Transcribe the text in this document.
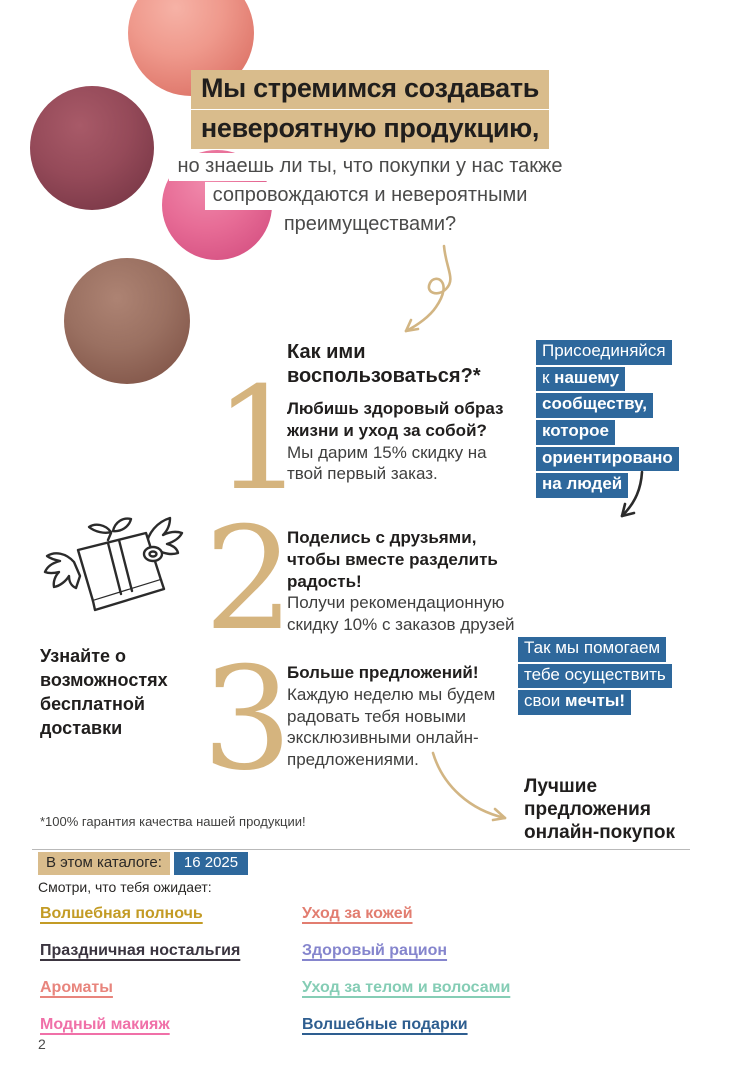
Мы стремимся создавать
невероятную продукцию,
но знаешь ли ты, что покупки у нас также
сопровождаются и невероятными
преимуществами?
Как ими воспользоваться?*
1
Любишь здоровый образ жизни и уход за собой?
Мы дарим 15% скидку на твой первый заказ.
2
Поделись с друзьями, чтобы вместе разделить радость!
Получи рекомендационную скидку 10% с заказов друзей
3
Больше предложений!
Каждую неделю мы будем радовать тебя новыми эксклюзивными онлайн-предложениями.
Присоединяйся
к нашему
сообществу,
которое
ориентировано
на людей
Узнайте о
возможностях
бесплатной
доставки
Так мы помогаем
тебе осуществить
свои мечты!
Лучшие
предложения
онлайн-покупок
*100% гарантия качества нашей продукции!
В этом каталоге:	16 2025
Смотри, что тебя ожидает:
Волшебная полночь
Праздничная ностальгия
Ароматы
Модный макияж
Уход за кожей
Здоровый рацион
Уход за телом и волосами
Волшебные подарки
2
